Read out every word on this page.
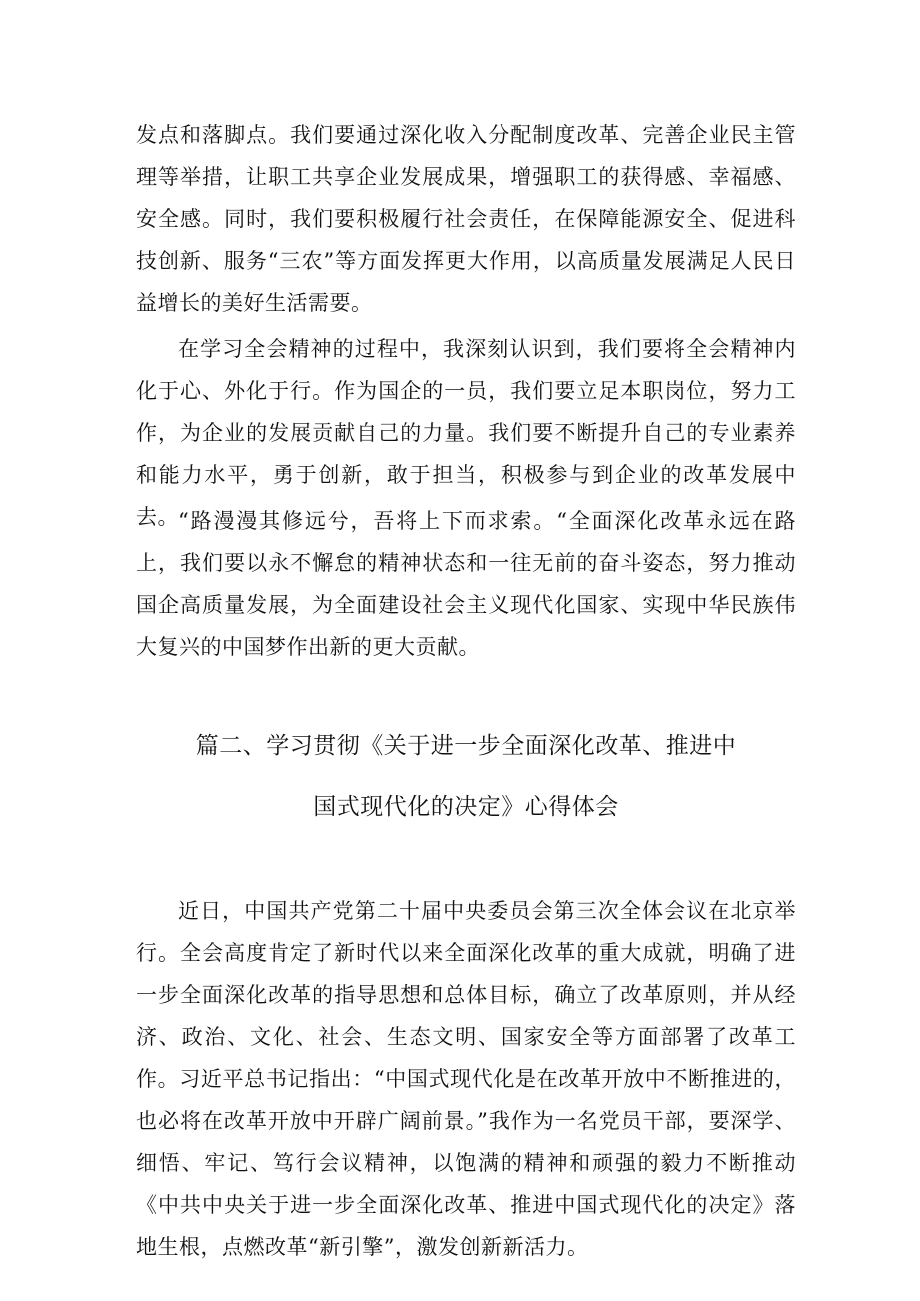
发点和落脚点。我们要通过深化收入分配制度改革、完善企业民主管理等举措，让职工共享企业发展成果，增强职工的获得感、幸福感、安全感。同时，我们要积极履行社会责任，在保障能源安全、促进科技创新、服务“三农”等方面发挥更大作用，以高质量发展满足人民日益增长的美好生活需要。

在学习全会精神的过程中，我深刻认识到，我们要将全会精神内化于心、外化于行。作为国企的一员，我们要立足本职岗位，努力工作，为企业的发展贡献自己的力量。我们要不断提升自己的专业素养和能力水平，勇于创新，敢于担当，积极参与到企业的改革发展中去。 “路漫漫其修远兮，吾将上下而求索。“全面深化改革永远在路上，我们要以永不懈怠的精神状态和一往无前的奋斗姿态，努力推动国企高质量发展，为全面建设社会主义现代化国家、实现中华民族伟大复兴的中国梦作出新的更大贡献。

篇二、学习贯彻《关于进一步全面深化改革、推进中
国式现代化的决定》心得体会

近日，中国共产党第二十届中央委员会第三次全体会议在北京举行。全会高度肯定了新时代以来全面深化改革的重大成就，明确了进一步全面深化改革的指导思想和总体目标，确立了改革原则，并从经济、政治、文化、社会、生态文明、国家安全等方面部署了改革工作。习近平总书记指出：“中国式现代化是在改革开放中不断推进的，也必将在改革开放中开辟广阔前景。”我作为一名党员干部，要深学、细悟、牢记、笃行会议精神，以饱满的精神和顽强的毅力不断推动《中共中央关于进一步全面深化改革、推进中国式现代化的决定》落地生根，点燃改革“新引擎”，激发创新新活力。
